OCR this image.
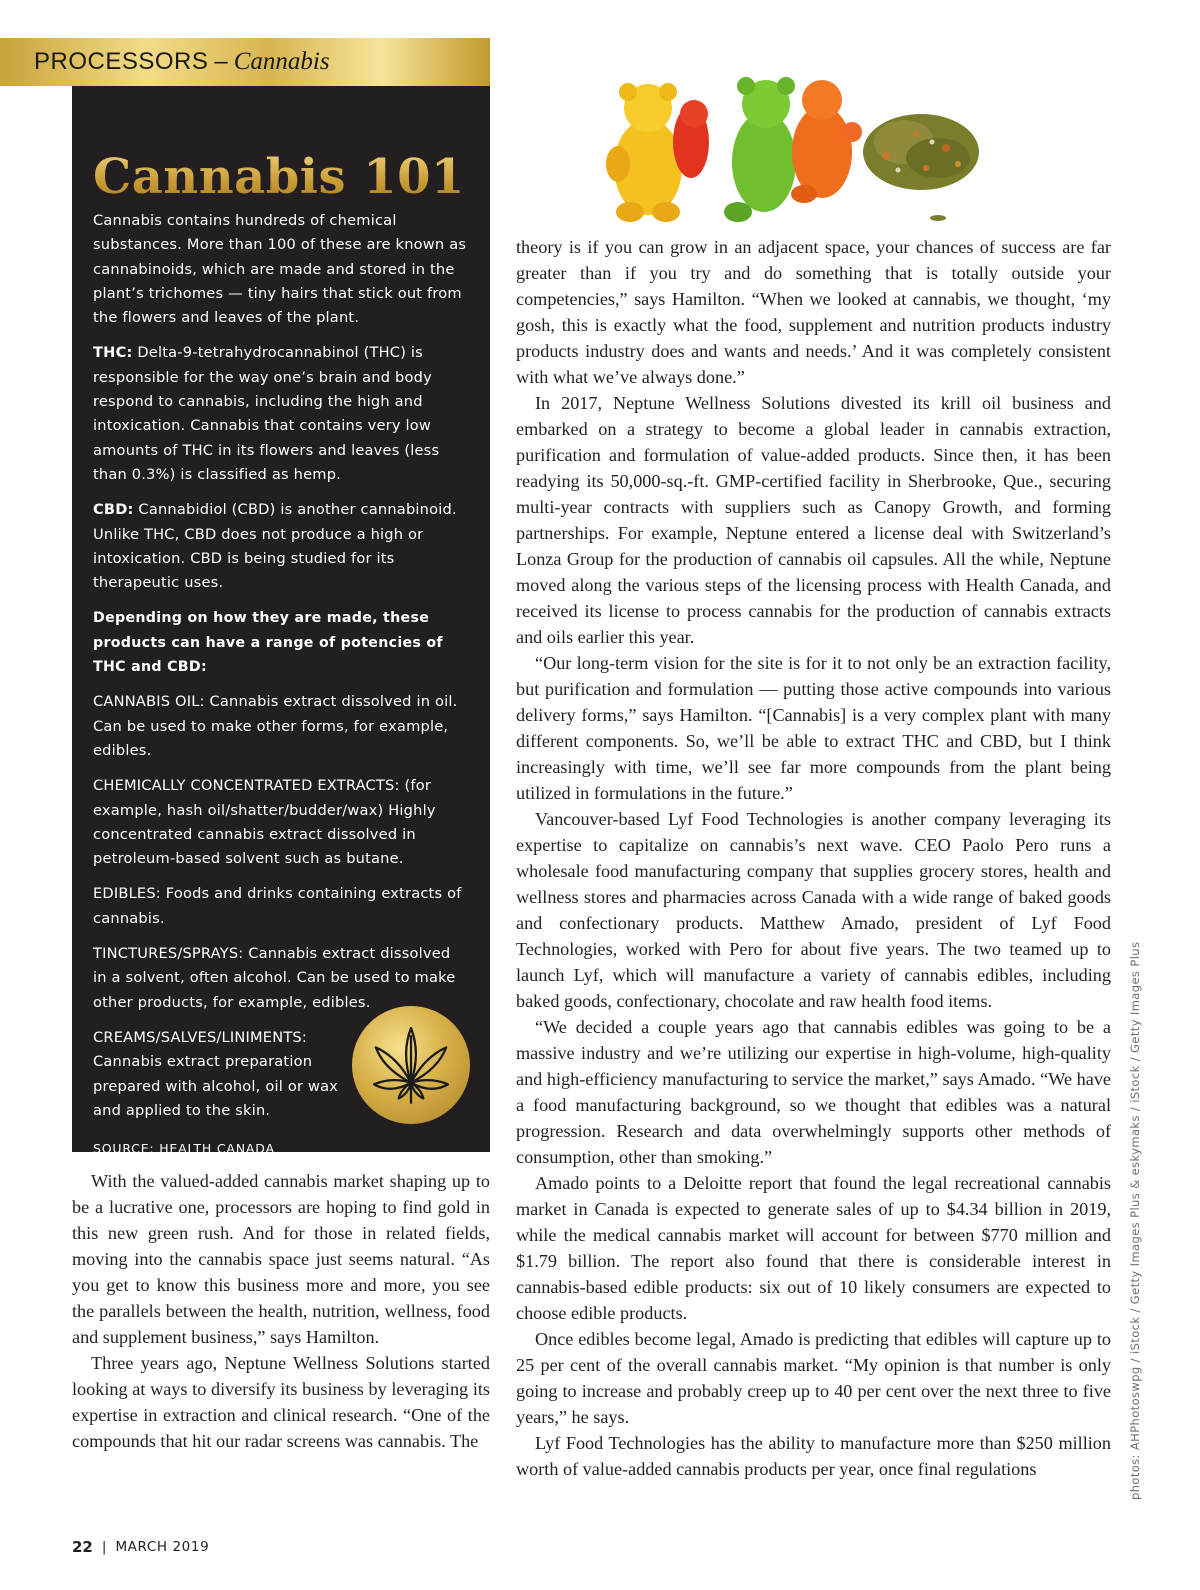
PROCESSORS – Cannabis
Cannabis 101

Cannabis contains hundreds of chemical substances. More than 100 of these are known as cannabinoids, which are made and stored in the plant’s trichomes — tiny hairs that stick out from the flowers and leaves of the plant.

THC: Delta-9-tetrahydrocannabinol (THC) is responsible for the way one’s brain and body respond to cannabis, including the high and intoxication. Cannabis that contains very low amounts of THC in its flowers and leaves (less than 0.3%) is classified as hemp.

CBD: Cannabidiol (CBD) is another cannabinoid. Unlike THC, CBD does not produce a high or intoxication. CBD is being studied for its therapeutic uses.

Depending on how they are made, these products can have a range of potencies of THC and CBD:

CANNABIS OIL: Cannabis extract dissolved in oil. Can be used to make other forms, for example, edibles.

CHEMICALLY CONCENTRATED EXTRACTS: (for example, hash oil/shatter/budder/wax) Highly concentrated cannabis extract dissolved in petroleum-based solvent such as butane.

EDIBLES: Foods and drinks containing extracts of cannabis.

TINCTURES/SPRAYS: Cannabis extract dissolved in a solvent, often alcohol. Can be used to make other products, for example, edibles.

CREAMS/SALVES/LINIMENTS: Cannabis extract preparation prepared with alcohol, oil or wax and applied to the skin.

SOURCE: HEALTH CANADA

With the valued-added cannabis market shaping up to be a lucrative one, processors are hoping to find gold in this new green rush. And for those in related fields, moving into the cannabis space just seems natural. “As you get to know this business more and more, you see the parallels between the health, nutrition, wellness, food and supplement business,” says Hamilton.

Three years ago, Neptune Wellness Solutions started looking at ways to diversify its business by leveraging its expertise in extraction and clinical research. “One of the compounds that hit our radar screens was cannabis. The

theory is if you can grow in an adjacent space, your chances of success are far greater than if you try and do something that is totally outside your competencies,” says Hamilton. “When we looked at cannabis, we thought, ‘my gosh, this is exactly what the food, supplement and nutrition products industry products industry does and wants and needs.’ And it was completely consistent with what we’ve always done.”

In 2017, Neptune Wellness Solutions divested its krill oil business and embarked on a strategy to become a global leader in cannabis extraction, purification and formulation of value-added products. Since then, it has been readying its 50,000-sq.-ft. GMP-certified facility in Sherbrooke, Que., securing multi-year contracts with suppliers such as Canopy Growth, and forming partnerships. For example, Neptune entered a license deal with Switzerland’s Lonza Group for the production of cannabis oil capsules. All the while, Neptune moved along the various steps of the licensing process with Health Canada, and received its license to process cannabis for the production of cannabis extracts and oils earlier this year.

“Our long-term vision for the site is for it to not only be an extraction facility, but purification and formulation — putting those active compounds into various delivery forms,” says Hamilton. “[Cannabis] is a very complex plant with many different components. So, we’ll be able to extract THC and CBD, but I think increasingly with time, we’ll see far more compounds from the plant being utilized in formulations in the future.”

Vancouver-based Lyf Food Technologies is another company leveraging its expertise to capitalize on cannabis’s next wave. CEO Paolo Pero runs a wholesale food manufacturing company that supplies grocery stores, health and wellness stores and pharmacies across Canada with a wide range of baked goods and confectionary products. Matthew Amado, president of Lyf Food Technologies, worked with Pero for about five years. The two teamed up to launch Lyf, which will manufacture a variety of cannabis edibles, including baked goods, confectionary, chocolate and raw health food items.

“We decided a couple years ago that cannabis edibles was going to be a massive industry and we’re utilizing our expertise in high-volume, high-quality and high-efficiency manufacturing to service the market,” says Amado. “We have a food manufacturing background, so we thought that edibles was a natural progression. Research and data overwhelmingly supports other methods of consumption, other than smoking.”

Amado points to a Deloitte report that found the legal recreational cannabis market in Canada is expected to generate sales of up to $4.34 billion in 2019, while the medical cannabis market will account for between $770 million and $1.79 billion. The report also found that there is considerable interest in cannabis-based edible products: six out of 10 likely consumers are expected to choose edible products.

Once edibles become legal, Amado is predicting that edibles will capture up to 25 per cent of the overall cannabis market. “My opinion is that number is only going to increase and probably creep up to 40 per cent over the next three to five years,” he says.

Lyf Food Technologies has the ability to manufacture more than $250 million worth of value-added cannabis products per year, once final regulations	photos: AHPhotoswpg / iStock / Getty Images Plus & eskymaks / iStock / Getty Images Plus
22 | MARCH 2019
